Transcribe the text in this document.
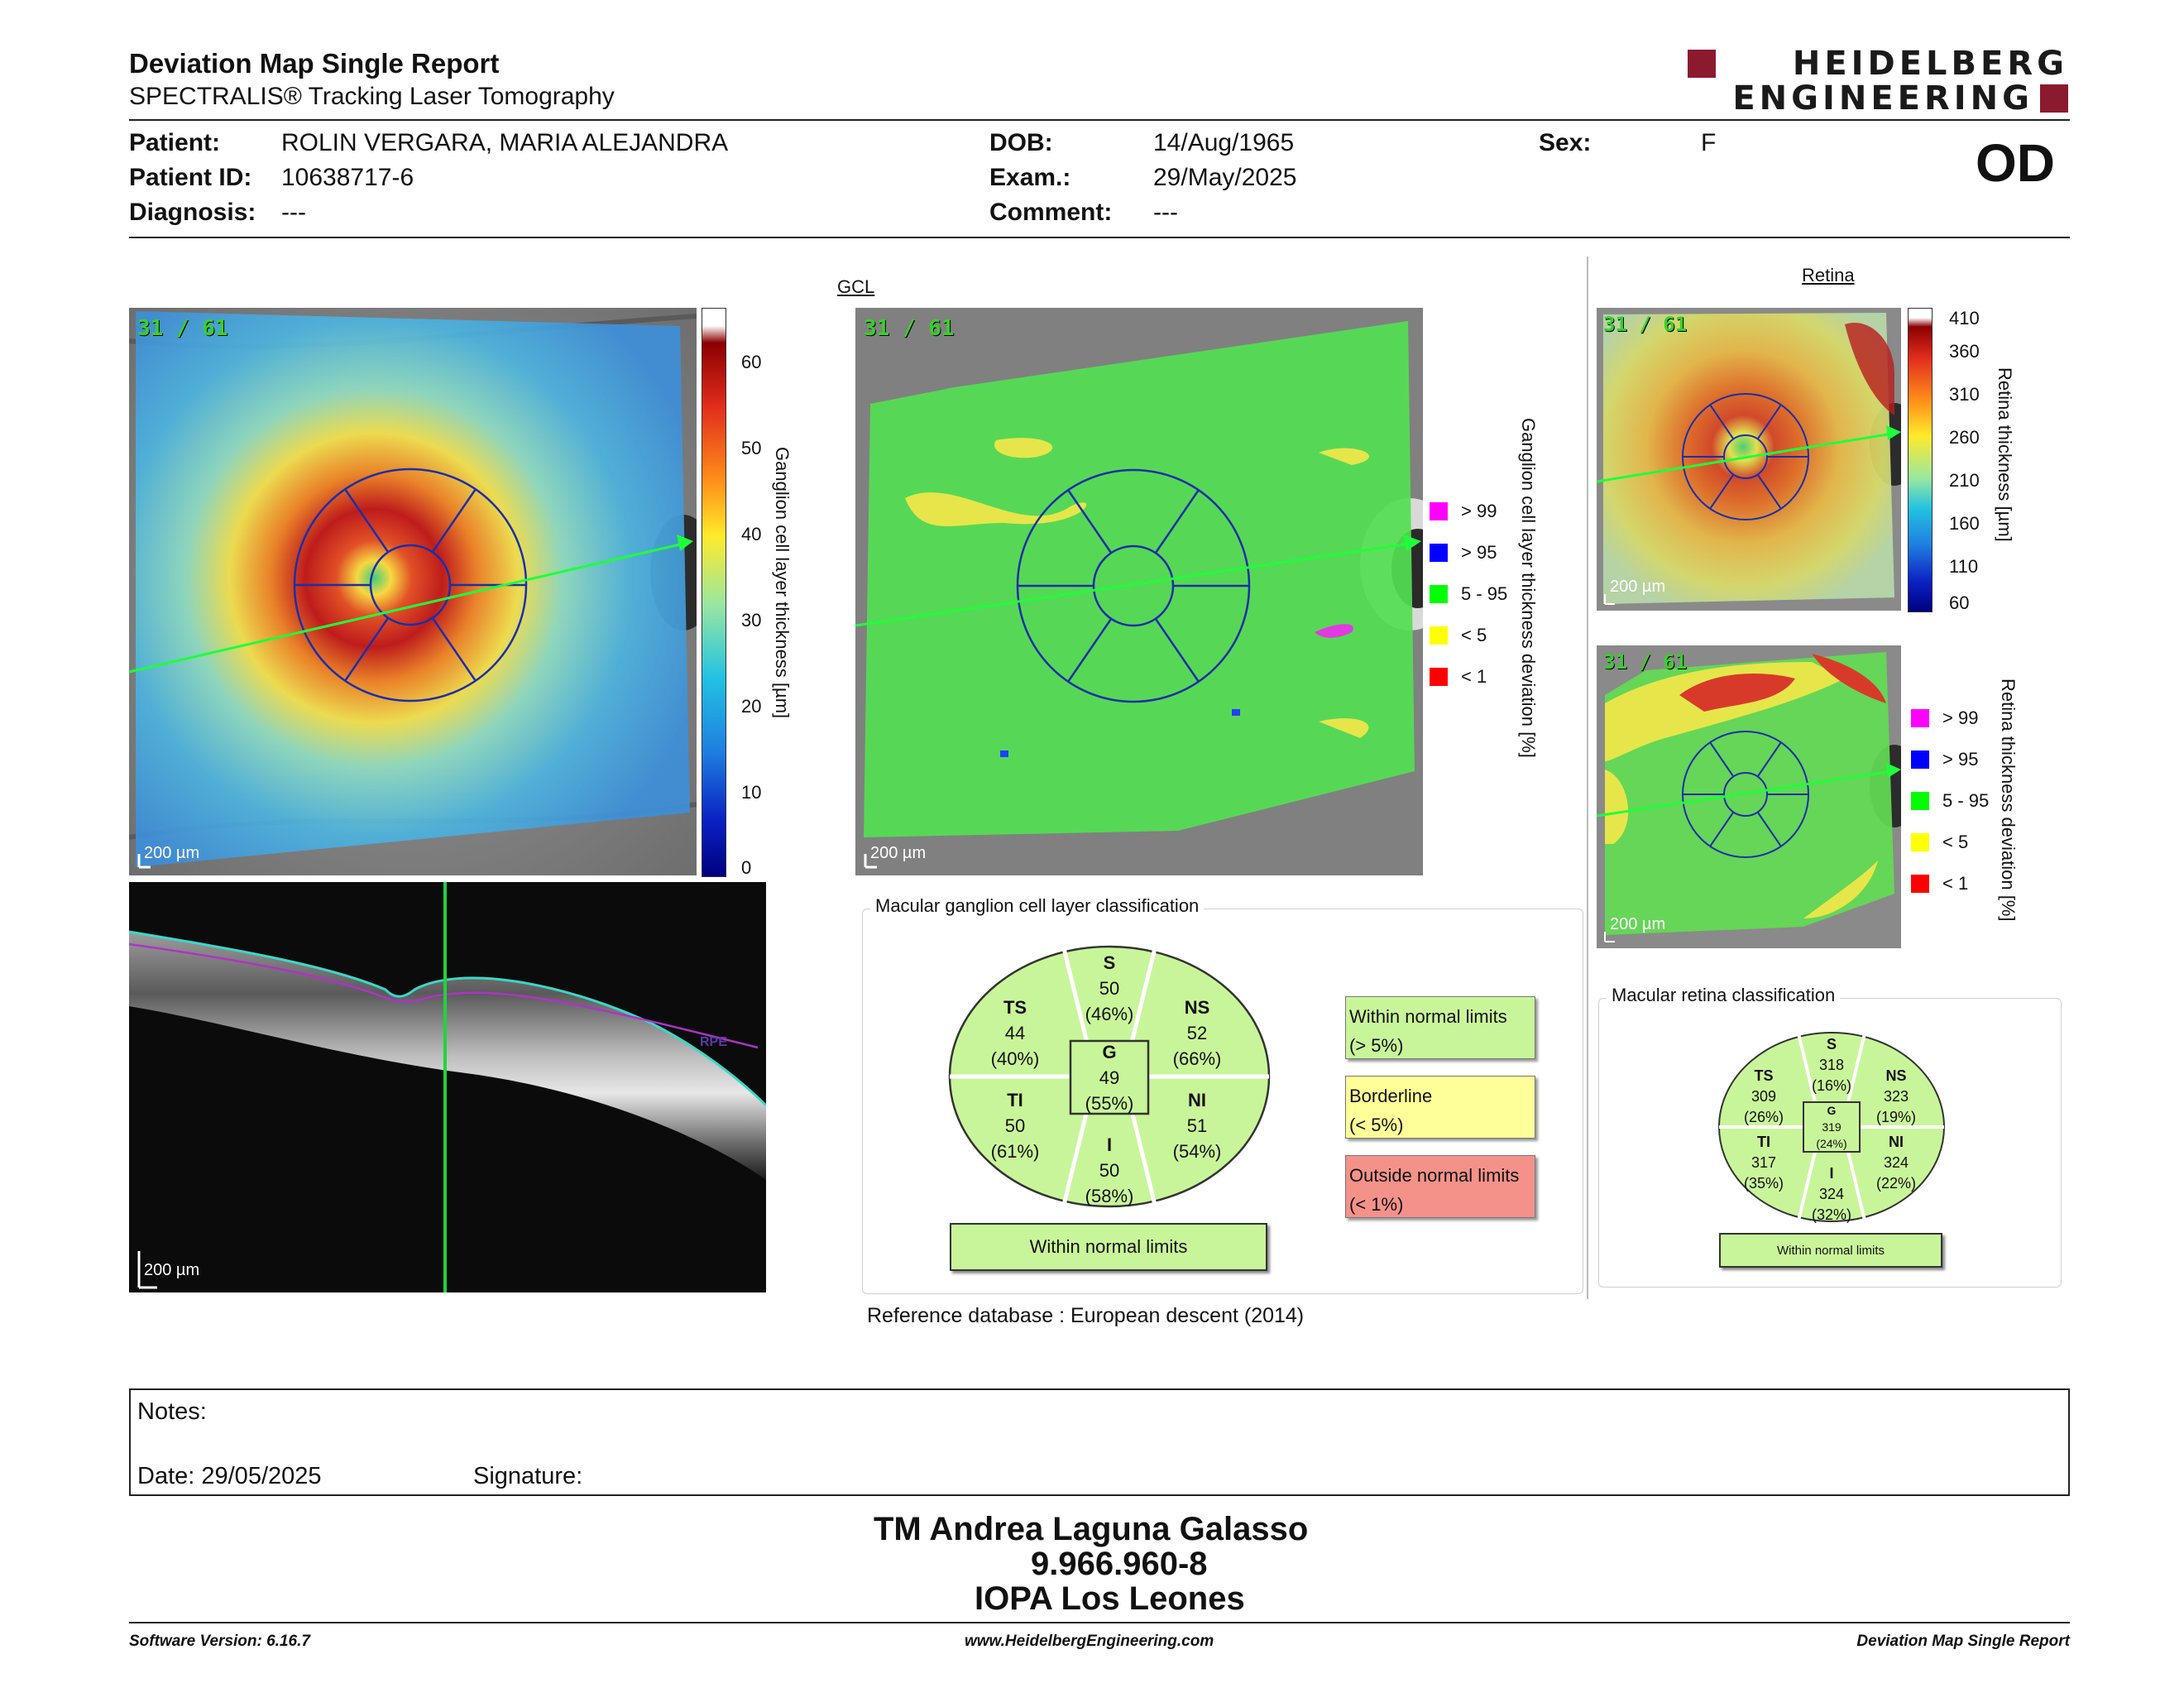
Deviation Map Single Report
SPECTRALIS® Tracking Laser Tomography
HEIDELBERG
ENGINEERING
Patient: ROLIN VERGARA, MARIA ALEJANDRA
Patient ID: 10638717-6
Diagnosis: ---
DOB:	14/Aug/1965
Exam.:	29/May/2025
Comment: ---
Sex:	F	OD
31 / 61
200 µm
60
50
40
30
20
10
0
Ganglion cell layer thickness [µm]
RPE
200 µm
GCL
31 / 61
200 µm
> 99
> 95
5 - 95
< 5
< 1 Ganglion cell layer thickness deviation [%]
Retina
31 / 61
200 µm
410
360
310
260
210
160
110
60
Retina thickness [µm]
31 / 61
200 µm
> 99
> 95
5 - 95
< 5
< 1 Retina thickness deviation [%]
Macular ganglion cell layer classification
S
50
(46%)
TS
44
(40%)
NS
52
(66%)
G
49
(55%)
TI
50
(61%)
NI
51
(54%)
I
50
(58%)
Within normal limits
Within normal limits
(> 5%)
Borderline
(< 5%)
Outside normal limits
(< 1%)
Reference database : European descent (2014)
Macular retina classification
S
318
(16%)
TS
309
(26%)
NS
323
(19%)
G
319
(24%)
TI
317
(35%)
NI
324
(22%)
I
324
(32%)
Within normal limits
Notes:
Date: 29/05/2025	Signature:
TM Andrea Laguna Galasso
9.966.960-8
IOPA Los Leones
Software Version: 6.16.7	www.HeidelbergEngineering.com	Deviation Map Single Report
